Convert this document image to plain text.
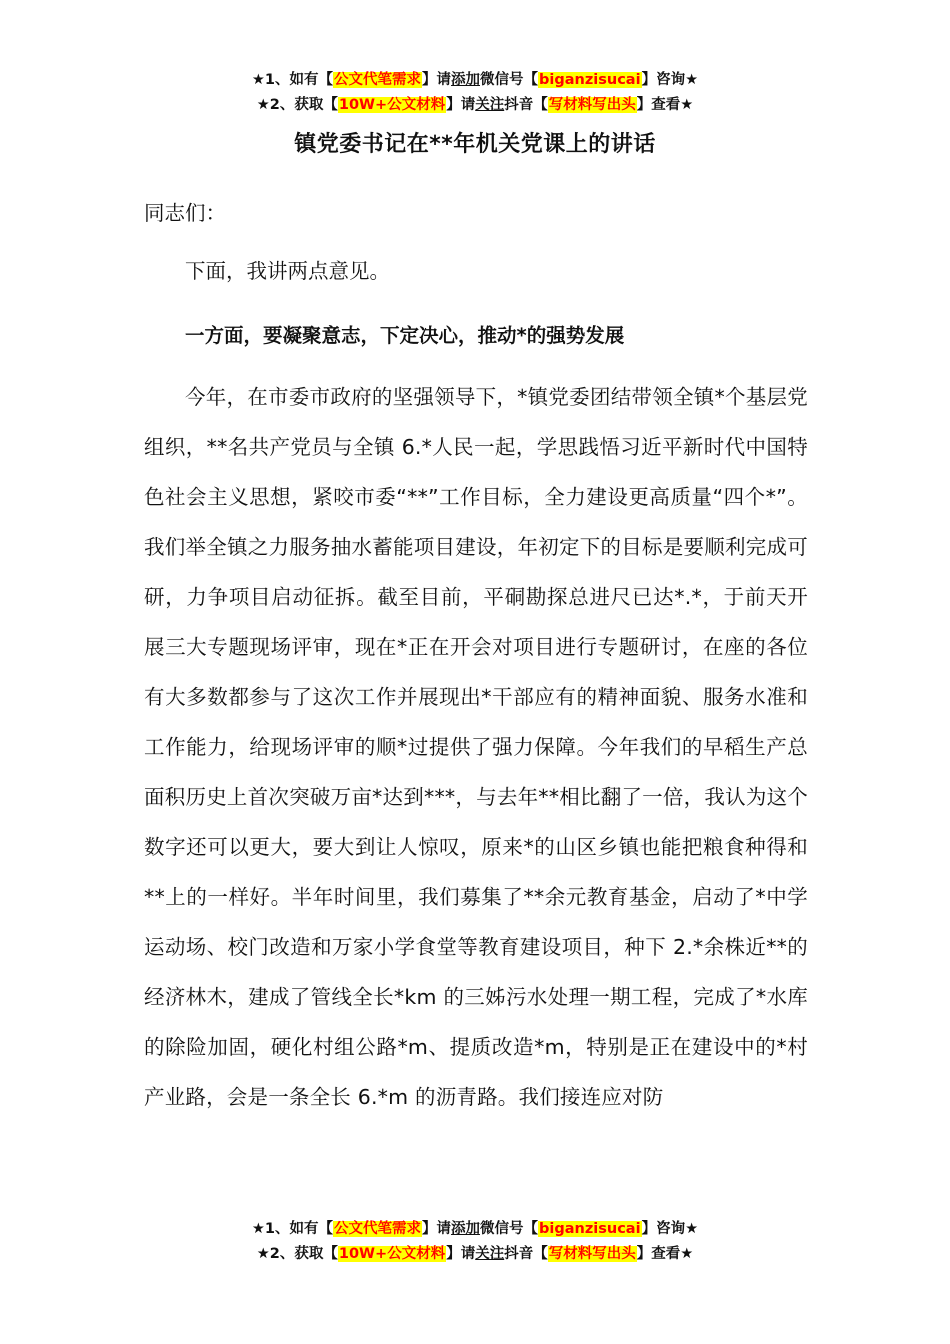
★1、如有【公文代笔需求】请添加微信号【biganzisucai】咨询★
★2、获取【10W+公文材料】请关注抖音【写材料写出头】查看★
镇党委书记在**年机关党课上的讲话
同志们：
下面，我讲两点意见。
一方面，要凝聚意志，下定决心，推动*的强势发展
今年，在市委市政府的坚强领导下，*镇党委团结带领全镇*个基层党组织，**名共产党员与全镇 6.*人民一起，学思践悟习近平新时代中国特色社会主义思想，紧咬市委“**”工作目标，全力建设更高质量“四个*”。我们举全镇之力服务抽水蓄能项目建设，年初定下的目标是要顺利完成可研，力争项目启动征拆。截至目前，平硐勘探总进尺已达*.*，于前天开展三大专题现场评审，现在*正在开会对项目进行专题研讨，在座的各位有大多数都参与了这次工作并展现出*干部应有的精神面貌、服务水准和工作能力，给现场评审的顺*过提供了强力保障。今年我们的早稻生产总面积历史上首次突破万亩*达到***，与去年**相比翻了一倍，我认为这个数字还可以更大，要大到让人惊叹，原来*的山区乡镇也能把粮食种得和**上的一样好。半年时间里，我们募集了**余元教育基金，启动了*中学运动场、校门改造和万家小学食堂等教育建设项目，种下 2.*余株近**的经济林木，建成了管线全长*km 的三姊污水处理一期工程，完成了*水库的除险加固，硬化村组公路*m、提质改造*m，特别是正在建设中的*村产业路，会是一条全长 6.*m 的沥青路。我们接连应对防
★1、如有【公文代笔需求】请添加微信号【biganzisucai】咨询★
★2、获取【10W+公文材料】请关注抖音【写材料写出头】查看★
